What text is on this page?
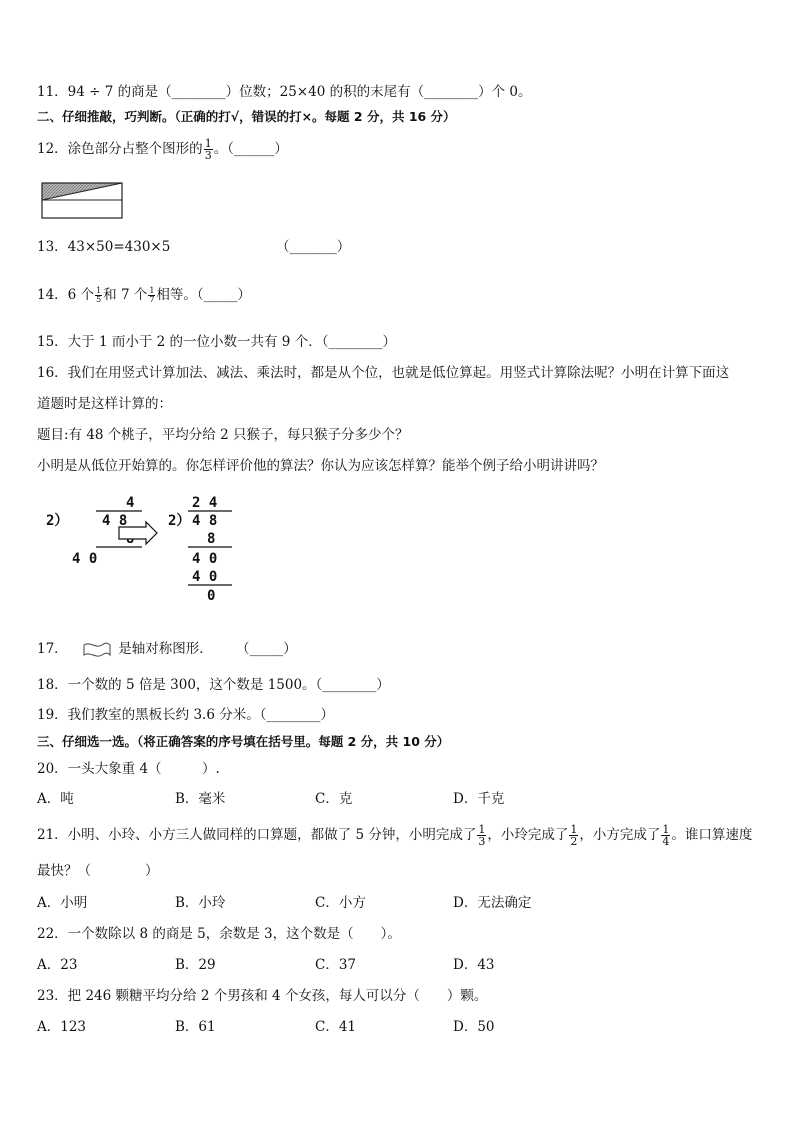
11．94 ÷ 7 的商是（________）位数；25×40 的积的末尾有（________）个 0。
二、仔细推敲，巧判断。（正确的打√，错误的打×。每题 2 分，共 16 分）
12．涂色部分占整个图形的 $\frac{1}{3}$ 。（______）
13．43×50=430×5	（_______）
14．6 个 $\frac{1}{5}$ 和 7 个 $\frac{1}{7}$ 相等。（_____）
15．大于 1 而小于 2 的一位小数一共有 9 个．（________）
16．我们在用竖式计算加法、减法、乘法时，都是从个位，也就是低位算起。用竖式计算除法呢？小明在计算下面这
道题时是这样计算的：
题目:有 48 个桃子，平均分给 2 只猴子，每只猴子分多少个？
小明是从低位开始算的。你怎样评价他的算法？你认为应该怎样算？能举个例子给小明讲讲吗？
4
2） 4 8
4 0
2 4
2） 4 8
8
4 0
4 0
0
17．	是轴对称图形． （_____）
18．一个数的 5 倍是 300，这个数是 1500。（________）
19．我们教室的黑板长约 3.6 分米。（________）
三、仔细选一选。（将正确答案的序号填在括号里。每题 2 分，共 10 分）
20．一头大象重 4（　　　）.
A．吨	B．毫米	C．克	D．千克
21．小明、小玲、小方三人做同样的口算题，都做了 5 分钟，小明完成了 $\frac{1}{3}$ ，小玲完成了 $\frac{1}{2}$ ，小方完成了 $\frac{1}{4}$ 。谁口算速度
最快？（　　　　）
A．小明	B．小玲	C．小方	D．无法确定
22．一个数除以 8 的商是 5，余数是 3，这个数是（　　）。
A．23	B．29	C．37	D．43
23．把 246 颗糖平均分给 2 个男孩和 4 个女孩，每人可以分（　　）颗。
A．123	B．61	C．41	D．50
